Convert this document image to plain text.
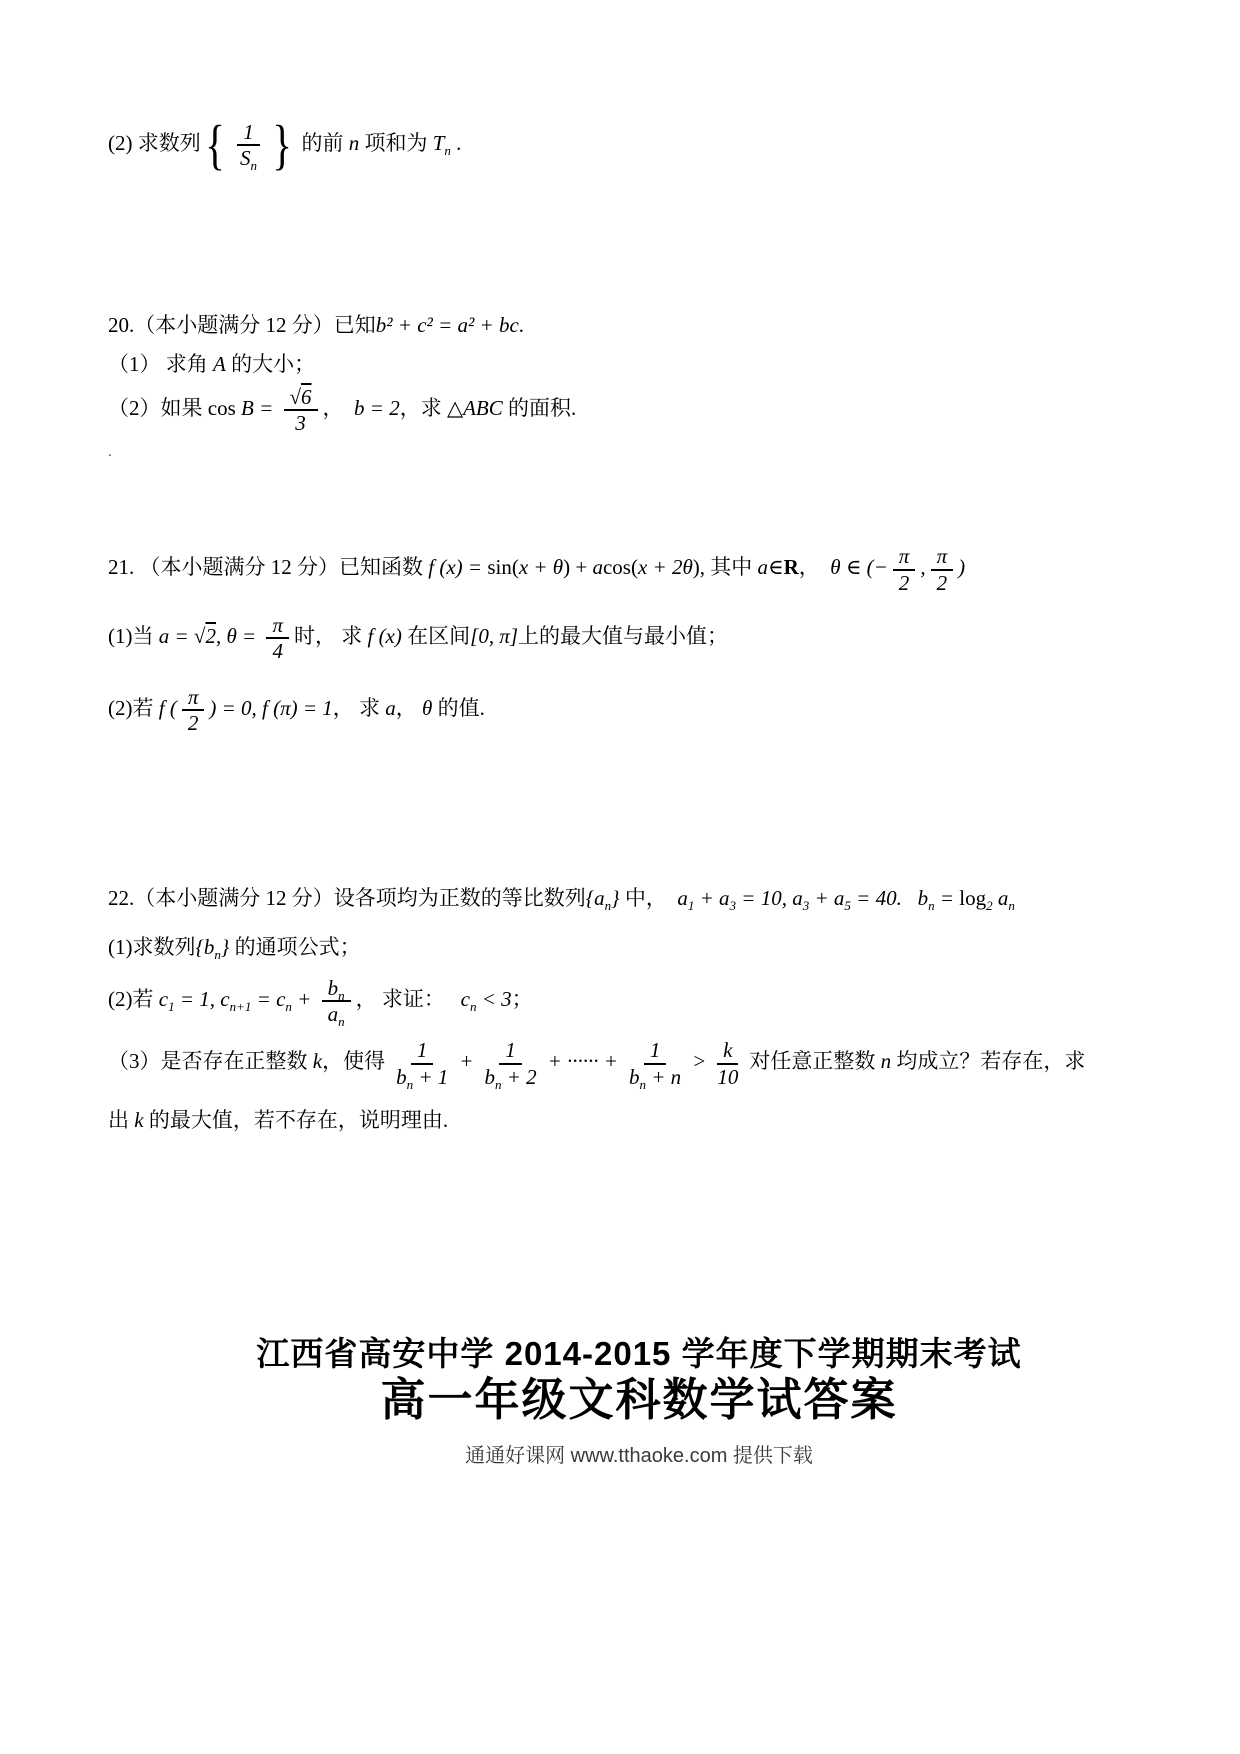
(2) 求数列{ $\frac{1}{S_n}$ } 的前 n 项和为 $T_n$ .
20.（本小题满分 12 分）已知b² + c² = a² + bc.
（1） 求角 A 的大小；
（2）如果 $\cos B = \frac{√6}{3}$ ， b = 2，求 △ABC 的面积.
.
21. （本小题满分 12 分）已知函数 f (x) = sin(x + θ) + acos(x + 2θ), 其中 a∈R， θ ∈ (− $\frac{\pi}{2}$ , $\frac{\pi}{2}$ )
(1)当 a = √2, $\theta = \frac{\pi}{4}$ 时， 求 f (x) 在区间[0, π]上的最大值与最小值；
(2)若 f ( $\frac{\pi}{2}$ ) = 0, f (π) = 1， 求 a， θ 的值.
22.（本小题满分 12 分）设各项均为正数的等比数列$\{a_n\}$ 中， $a_1 + a_3 = 10$, $a_3 + a_5 = 40$.  $b_n = \log_2 a_n$
(1)求数列$\{b_n\}$ 的通项公式；
(2)若 $c_1 = 1$, $c_{n+1} = c_n + \frac{b_n}{a_n}$ ， 求证：  $c_n < 3$；
（3）是否存在正整数 k，使得 $\frac{1}{b_n + 1} + \frac{1}{b_n + 2}$ + ······ + $\frac{1}{b_n + n} > \frac{k}{10}$ 对任意正整数 n 均成立？若存在，求
出 k 的最大值，若不存在，说明理由.
江西省高安中学 2014-2015 学年度下学期期末考试
高一年级文科数学试答案
通通好课网 www.tthaoke.com 提供下载
